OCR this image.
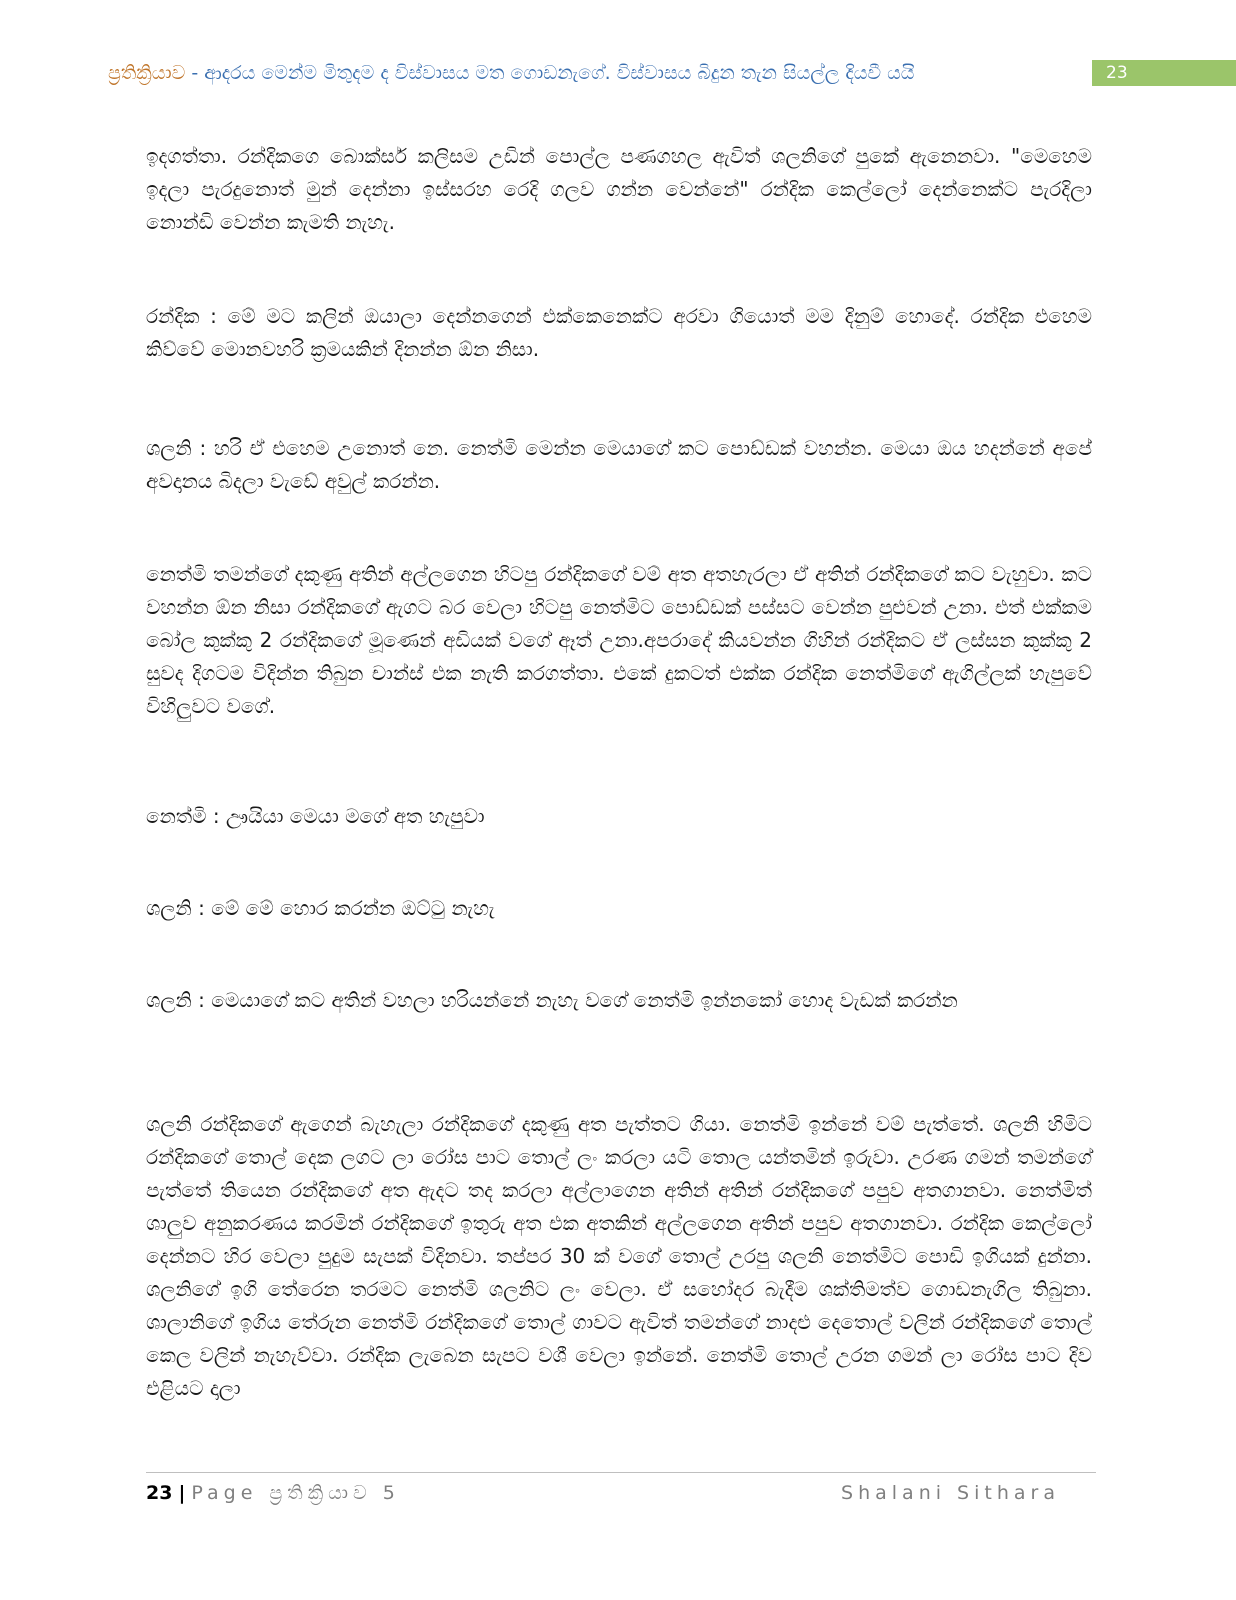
ප්‍රතික්‍රියාව - ආදරය මෙන්ම මිතුදම ද විස්වාසය මත ගොඩනැගේ. විස්වාසය බිදුන තැන සියල්ල දියවී යයි	23

ඉදගත්තා. රන්දිකගෙ බොක්සර් කලිසම උඩින් පොල්ල පණගහල ඇවිත් ශලනිගේ පුකේ ඇනෙනවා. "මෙහෙම ඉදලා පැරදුනොත් මුන් දෙන්නා ඉස්සරහ රෙදි ගලව ගන්න වෙන්නේ" රන්දික කෙල්ලෝ දෙන්නෙක්ට පැරදිලා නොන්ඩි වෙන්න කැමති නැහැ.

රන්දික : මේ මට කලින් ඔයාලා දෙන්නගෙන් එක්කෙනෙක්ට අරවා ගියොත් මම දිනුම් හොදේ. රන්දික එහෙම කිව්වේ මොනවහරි ක්‍රමයකින් දිනන්න ඕන නිසා.

ශලනි : හරි ඒ එහෙම උනොත් නෙ. නෙත්මි මෙන්න මෙයාගේ කට පොඩ්ඩක් වහන්න. මෙයා ඔය හදන්නේ අපේ අවදානය බිදලා වැඩේ අවුල් කරන්න.

නෙත්මි තමන්ගේ දකුණු අතින් අල්ලගෙන හිටපු රන්දිකගේ වම් අත අතහැරලා ඒ අතින් රන්දිකගේ කට වැහුවා. කට වහන්න ඕන නිසා රන්දිකගේ ඇගට බර වෙලා හිටපු නෙත්මිට පොඩ්ඩක් පස්සට වෙන්න පුළුවන් උනා. එත් එක්කම බෝල කුක්කු 2 රන්දිකගේ මූණෙන් අඩියක් වගේ ඈත් උනා.අපරාදේ කියවන්න ගිහින් රන්දිකට ඒ ලස්සන කුක්කු 2 සුවද දිගටම විදින්න තිබුන චාන්ස් එක නැති කරගත්තා. එකේ දුකටත් එක්ක රන්දික නෙත්මිගේ ඇගිල්ලක් හැපුවේ විහිලුවට වගේ.

නෙත්මි : ඌයියා මෙයා මගේ අත හැපුවා

ශලනි : මේ මේ හොර කරන්න ඔට්ටු නැහැ

ශලනි : මෙයාගේ කට අතින් වහලා හරියන්නේ නැහැ වගේ නෙත්මි ඉන්නකෝ හොද වැඩක් කරන්න

ශලනි රන්දිකගේ ඇගෙන් බැහැලා රන්දිකගේ දකුණු අත පැත්තට ගියා. නෙත්මි ඉන්නේ වම් පැත්තේ. ශලනි හිමිට රන්දිකගේ තොල් දෙක ලගට ලා රෝස පාට තොල් ලං කරලා යටි තොල යන්තමින් ඉරුවා. උරණ ගමන් තමන්ගේ පැත්තේ තියෙන රන්දිකගේ අත ඇදට තද කරලා අල්ලාගෙන අතින් අතින් රන්දිකගේ පපුව අතගානවා. නෙත්මිත් ශාලුව අනුකරණය කරමින් රන්දිකගේ ඉතුරු අත එක අතකින් අල්ලගෙන අතින් පපුව අතගානවා. රන්දික කෙල්ලෝ දෙන්නට හිර වෙලා පුදුම සැපක් විදිනවා. තප්පර 30 ක් වගේ තොල් උරපු ශලනි නෙත්මිට පොඩි ඉගියක් දුන්නා. ශලනිගේ ඉගි තේරෙන තරමට නෙත්මි ශලනිට ලං වෙලා. ඒ සහෝදර බැදීම ශක්තිමත්ව ගොඩනැගිල තිබුනා. ශාලානිගේ ඉගිය තේරුන නෙත්මි රන්දිකගේ තොල් ගාවට ඇවිත් තමන්ගේ නාදළු දෙතොල් වලින් රන්දිකගේ තොල් කෙල වලින් නැහැව්වා. රන්දික ලැබෙන සැපට වශී වෙලා ඉන්නේ. නෙත්මි තොල් උරන ගමන් ලා රෝස පාට දිව එළියට දාලා

23 | Page ප්‍රතික්‍රියාව 5	Shalani Sithara
